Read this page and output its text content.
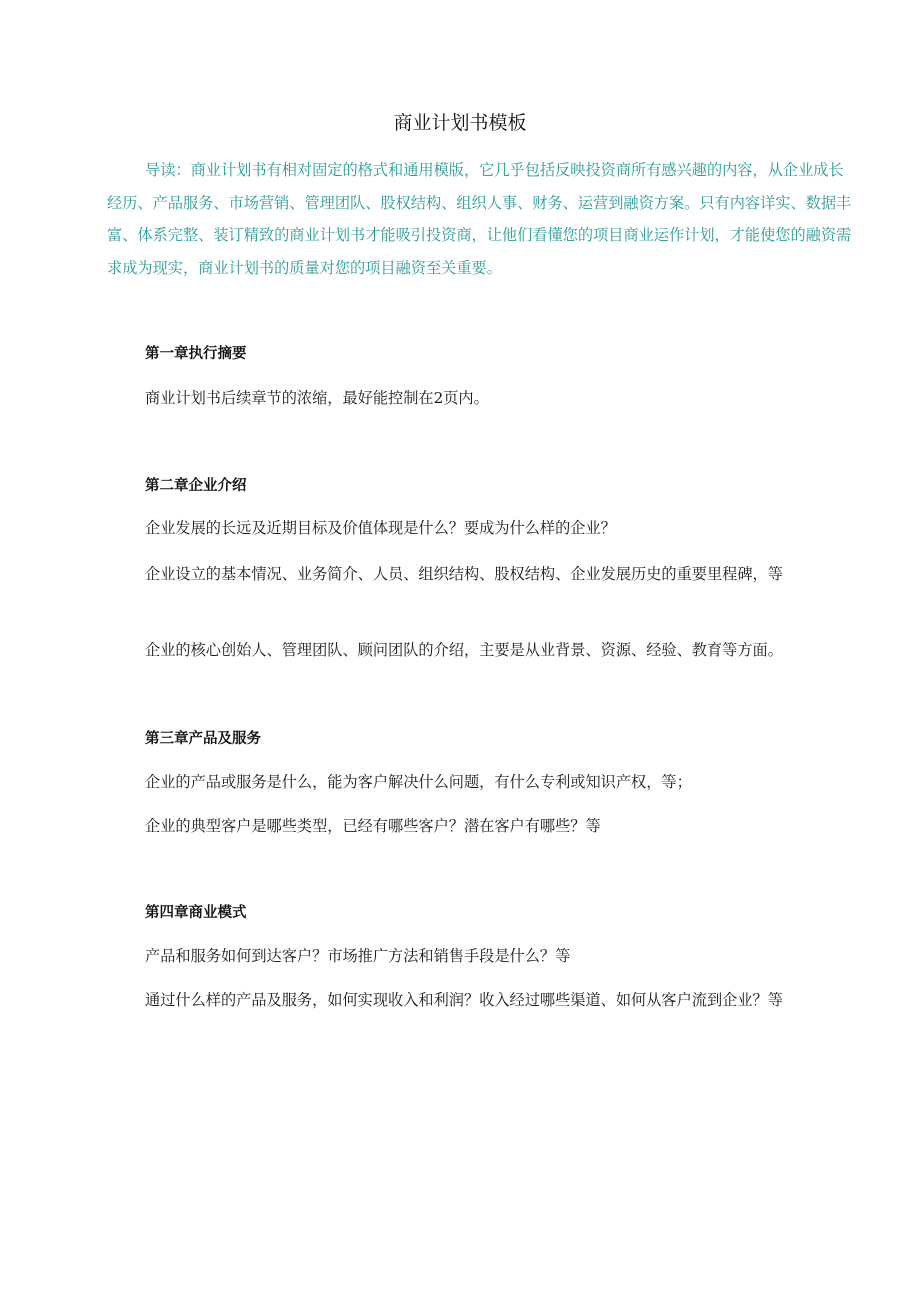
商业计划书模板

导读：商业计划书有相对固定的格式和通用模版，它几乎包括反映投资商所有感兴趣的内容，从企业成长经历、产品服务、市场营销、管理团队、股权结构、组织人事、财务、运营到融资方案。只有内容详实、数据丰富、体系完整、装订精致的商业计划书才能吸引投资商，让他们看懂您的项目商业运作计划，才能使您的融资需求成为现实，商业计划书的质量对您的项目融资至关重要。

第一章执行摘要

商业计划书后续章节的浓缩，最好能控制在2页内。

第二章企业介绍

企业发展的长远及近期目标及价值体现是什么？要成为什么样的企业？

企业设立的基本情况、业务简介、人员、组织结构、股权结构、企业发展历史的重要里程碑，等

企业的核心创始人、管理团队、顾问团队的介绍，主要是从业背景、资源、经验、教育等方面。

第三章产品及服务

企业的产品或服务是什么，能为客户解决什么问题，有什么专利或知识产权，等；

企业的典型客户是哪些类型，已经有哪些客户？潜在客户有哪些？等

第四章商业模式

产品和服务如何到达客户？市场推广方法和销售手段是什么？等

通过什么样的产品及服务，如何实现收入和利润？收入经过哪些渠道、如何从客户流到企业？等
